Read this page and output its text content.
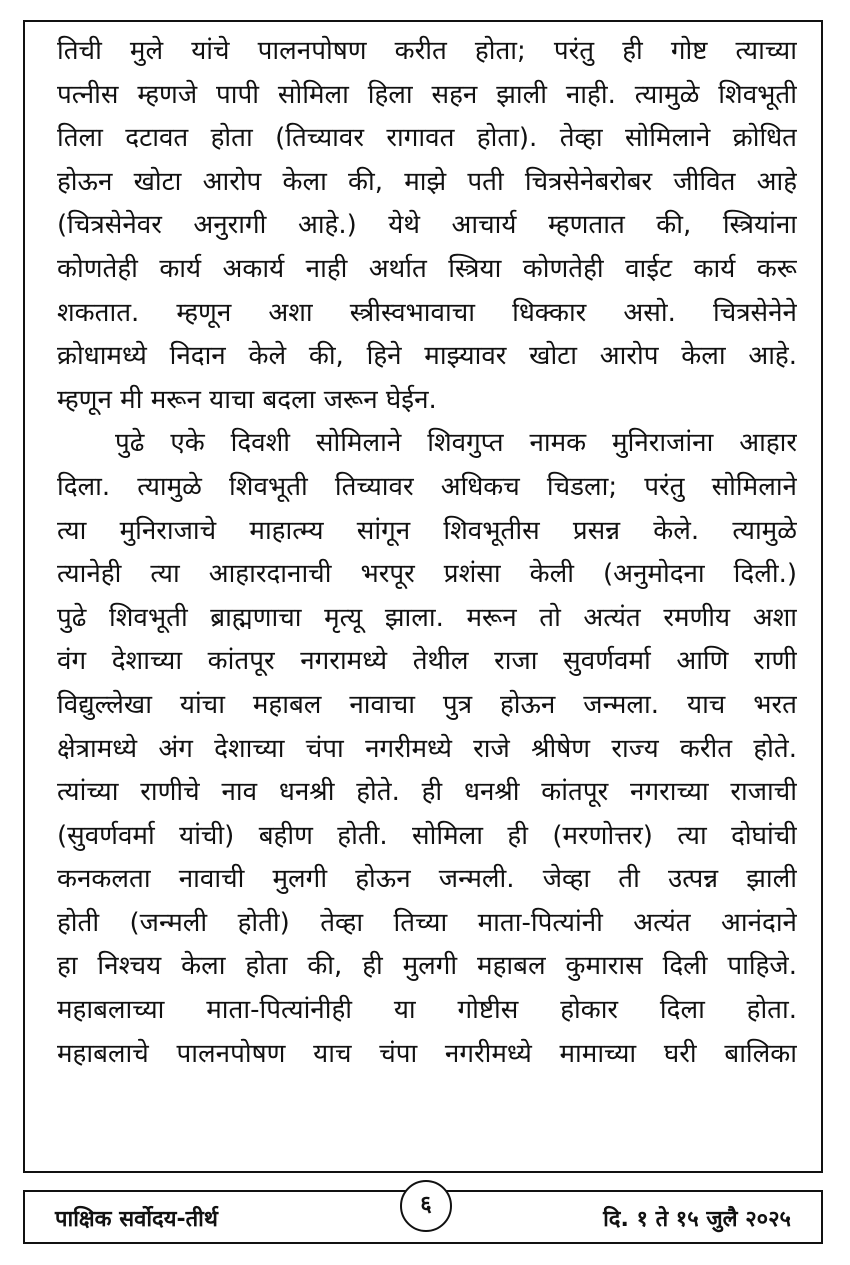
तिची मुले यांचे पालनपोषण करीत होता; परंतु ही गोष्ट त्याच्या
पत्नीस म्हणजे पापी सोमिला हिला सहन झाली नाही. त्यामुळे शिवभूती
तिला दटावत होता (तिच्यावर रागावत होता). तेव्हा सोमिलाने क्रोधित
होऊन खोटा आरोप केला की, माझे पती चित्रसेनेबरोबर जीवित आहे
(चित्रसेनेवर अनुरागी आहे.) येथे आचार्य म्हणतात की, स्त्रियांना
कोणतेही कार्य अकार्य नाही अर्थात स्त्रिया कोणतेही वाईट कार्य करू
शकतात. म्हणून अशा स्त्रीस्वभावाचा धिक्कार असो. चित्रसेनेने
क्रोधामध्ये निदान केले की, हिने माझ्यावर खोटा आरोप केला आहे.
म्हणून मी मरून याचा बदला जरून घेईन.
पुढे एके दिवशी सोमिलाने शिवगुप्त नामक मुनिराजांना आहार
दिला. त्यामुळे शिवभूती तिच्यावर अधिकच चिडला; परंतु सोमिलाने
त्या मुनिराजाचे माहात्म्य सांगून शिवभूतीस प्रसन्न केले. त्यामुळे
त्यानेही त्या आहारदानाची भरपूर प्रशंसा केली (अनुमोदना दिली.)
पुढे शिवभूती ब्राह्मणाचा मृत्यू झाला. मरून तो अत्यंत रमणीय अशा
वंग देशाच्या कांतपूर नगरामध्ये तेथील राजा सुवर्णवर्मा आणि राणी
विद्युल्लेखा यांचा महाबल नावाचा पुत्र होऊन जन्मला. याच भरत
क्षेत्रामध्ये अंग देशाच्या चंपा नगरीमध्ये राजे श्रीषेण राज्य करीत होते.
त्यांच्या राणीचे नाव धनश्री होते. ही धनश्री कांतपूर नगराच्या राजाची
(सुवर्णवर्मा यांची) बहीण होती. सोमिला ही (मरणोत्तर) त्या दोघांची
कनकलता नावाची मुलगी होऊन जन्मली. जेव्हा ती उत्पन्न झाली
होती (जन्मली होती) तेव्हा तिच्या माता-पित्यांनी अत्यंत आनंदाने
हा निश्चय केला होता की, ही मुलगी महाबल कुमारास दिली पाहिजे.
महाबलाच्या माता-पित्यांनीही या गोष्टीस होकार दिला होता.
महाबलाचे पालनपोषण याच चंपा नगरीमध्ये मामाच्या घरी बालिका
पाक्षिक सर्वोदय-तीर्थ
६
दि. १ ते १५ जुलै २०२५
